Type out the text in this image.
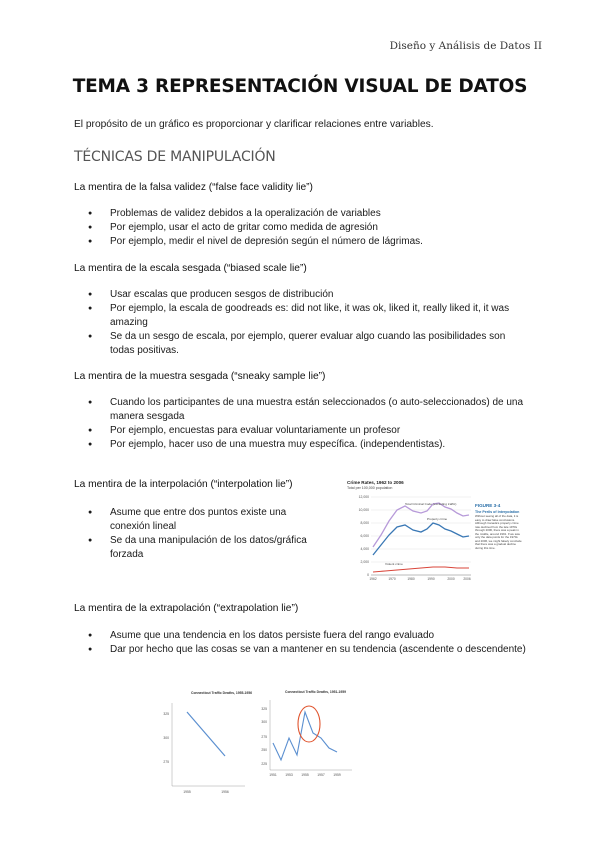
Diseño y Análisis de Datos II
TEMA 3 REPRESENTACIÓN VISUAL DE DATOS
El propósito de un gráfico es proporcionar y clarificar relaciones entre variables.
TÉCNICAS DE MANIPULACIÓN
La mentira de la falsa validez (“false face validity lie”)
● Problemas de validez debidos a la operalización de variables
● Por ejemplo, usar el acto de gritar como medida de agresión
● Por ejemplo, medir el nivel de depresión según el número de lágrimas.
La mentira de la escala sesgada (“biased scale lie”)
● Usar escalas que producen sesgos de distribución
● Por ejemplo, la escala de goodreads es: did not like, it was ok, liked it, really liked it, it was amazing
● Se da un sesgo de escala, por ejemplo, querer evaluar algo cuando las posibilidades son todas positivas.
La mentira de la muestra sesgada (“sneaky sample lie”)
● Cuando los participantes de una muestra están seleccionados (o auto-seleccionados) de una manera sesgada
● Por ejemplo, encuestas para evaluar voluntariamente un profesor
● Por ejemplo, hacer uso de una muestra muy específica. (independentistas).
La mentira de la interpolación (“interpolation lie”)
● Asume que entre dos puntos existe una conexión lineal
● Se da una manipulación de los datos/gráfica forzada
Crime Rates, 1962 to 2006
Total per 100,000 population
12,000
10,000
8,000
6,000
4,000
2,000
0
Total Criminal Code (excluding traffic)
Property crime
Violent crime
1962	1970	1980	1990	2000	2006
FIGURE 3-4
The Perils of Interpolation
Without seeing all of the data, it is easy to draw false conclusions. Although Canada's property crime rate declined from the late 1970s through 2006, there was a peak in the middle, around 1991. If we saw only the data points for the 1970s and 2006, we might falsely conclude that there was a gradual decline during this time.
La mentira de la extrapolación (“extrapolation lie”)
● Asume que una tendencia en los datos persiste fuera del rango evaluado
● Dar por hecho que las cosas se van a mantener en su tendencia (ascendente o descendente)
Connecticut Traffic Deaths, 1955-1956
325
300
275
1955	1956
Connecticut Traffic Deaths, 1951-1959
325
300
275
250
225
1951 1953 1955 1957 1959
